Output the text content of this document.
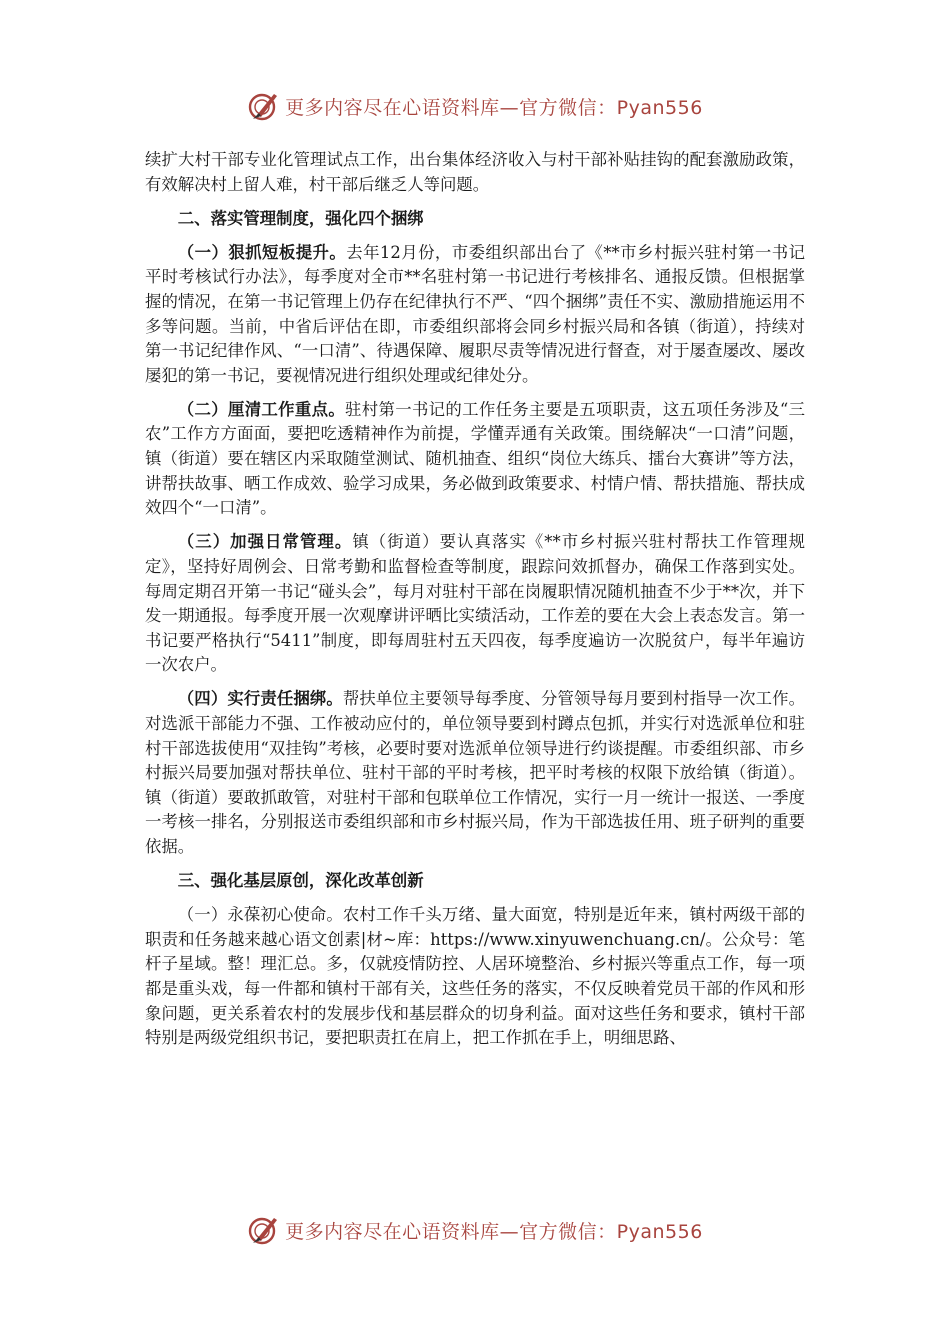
更多内容尽在心语资料库—官方微信：Pyan556

续扩大村干部专业化管理试点工作，出台集体经济收入与村干部补贴挂钩的配套激励政策，有效解决村上留人难，村干部后继乏人等问题。

二、落实管理制度，强化四个捆绑

（一）狠抓短板提升。去年12月份，市委组织部出台了《**市乡村振兴驻村第一书记平时考核试行办法》，每季度对全市**名驻村第一书记进行考核排名、通报反馈。但根据掌握的情况，在第一书记管理上仍存在纪律执行不严、“四个捆绑”责任不实、激励措施运用不多等问题。当前，中省后评估在即，市委组织部将会同乡村振兴局和各镇（街道），持续对第一书记纪律作风、“一口清”、待遇保障、履职尽责等情况进行督查，对于屡查屡改、屡改屡犯的第一书记，要视情况进行组织处理或纪律处分。

（二）厘清工作重点。驻村第一书记的工作任务主要是五项职责，这五项任务涉及“三农”工作方方面面，要把吃透精神作为前提，学懂弄通有关政策。围绕解决“一口清”问题，镇（街道）要在辖区内采取随堂测试、随机抽查、组织“岗位大练兵、擂台大赛讲”等方法，讲帮扶故事、晒工作成效、验学习成果，务必做到政策要求、村情户情、帮扶措施、帮扶成效四个“一口清”。

（三）加强日常管理。镇（街道）要认真落实《**市乡村振兴驻村帮扶工作管理规定》，坚持好周例会、日常考勤和监督检查等制度，跟踪问效抓督办，确保工作落到实处。每周定期召开第一书记“碰头会”，每月对驻村干部在岗履职情况随机抽查不少于**次，并下发一期通报。每季度开展一次观摩讲评晒比实绩活动，工作差的要在大会上表态发言。第一书记要严格执行“5411”制度，即每周驻村五天四夜，每季度遍访一次脱贫户，每半年遍访一次农户。

（四）实行责任捆绑。帮扶单位主要领导每季度、分管领导每月要到村指导一次工作。对选派干部能力不强、工作被动应付的，单位领导要到村蹲点包抓，并实行对选派单位和驻村干部选拔使用“双挂钩”考核，必要时要对选派单位领导进行约谈提醒。市委组织部、市乡村振兴局要加强对帮扶单位、驻村干部的平时考核，把平时考核的权限下放给镇（街道）。镇（街道）要敢抓敢管，对驻村干部和包联单位工作情况，实行一月一统计一报送、一季度一考核一排名，分别报送市委组织部和市乡村振兴局，作为干部选拔任用、班子研判的重要依据。

三、强化基层原创，深化改革创新

（一）永葆初心使命。农村工作千头万绪、量大面宽，特别是近年来，镇村两级干部的职责和任务越来越心语文创素|材~库：https://www.xinyuwenchuang.cn/。公众号：笔杆子星域。整！理汇总。多，仅就疫情防控、人居环境整治、乡村振兴等重点工作，每一项都是重头戏，每一件都和镇村干部有关，这些任务的落实，不仅反映着党员干部的作风和形象问题，更关系着农村的发展步伐和基层群众的切身利益。面对这些任务和要求，镇村干部特别是两级党组织书记，要把职责扛在肩上，把工作抓在手上，明细思路、

更多内容尽在心语资料库—官方微信：Pyan556
